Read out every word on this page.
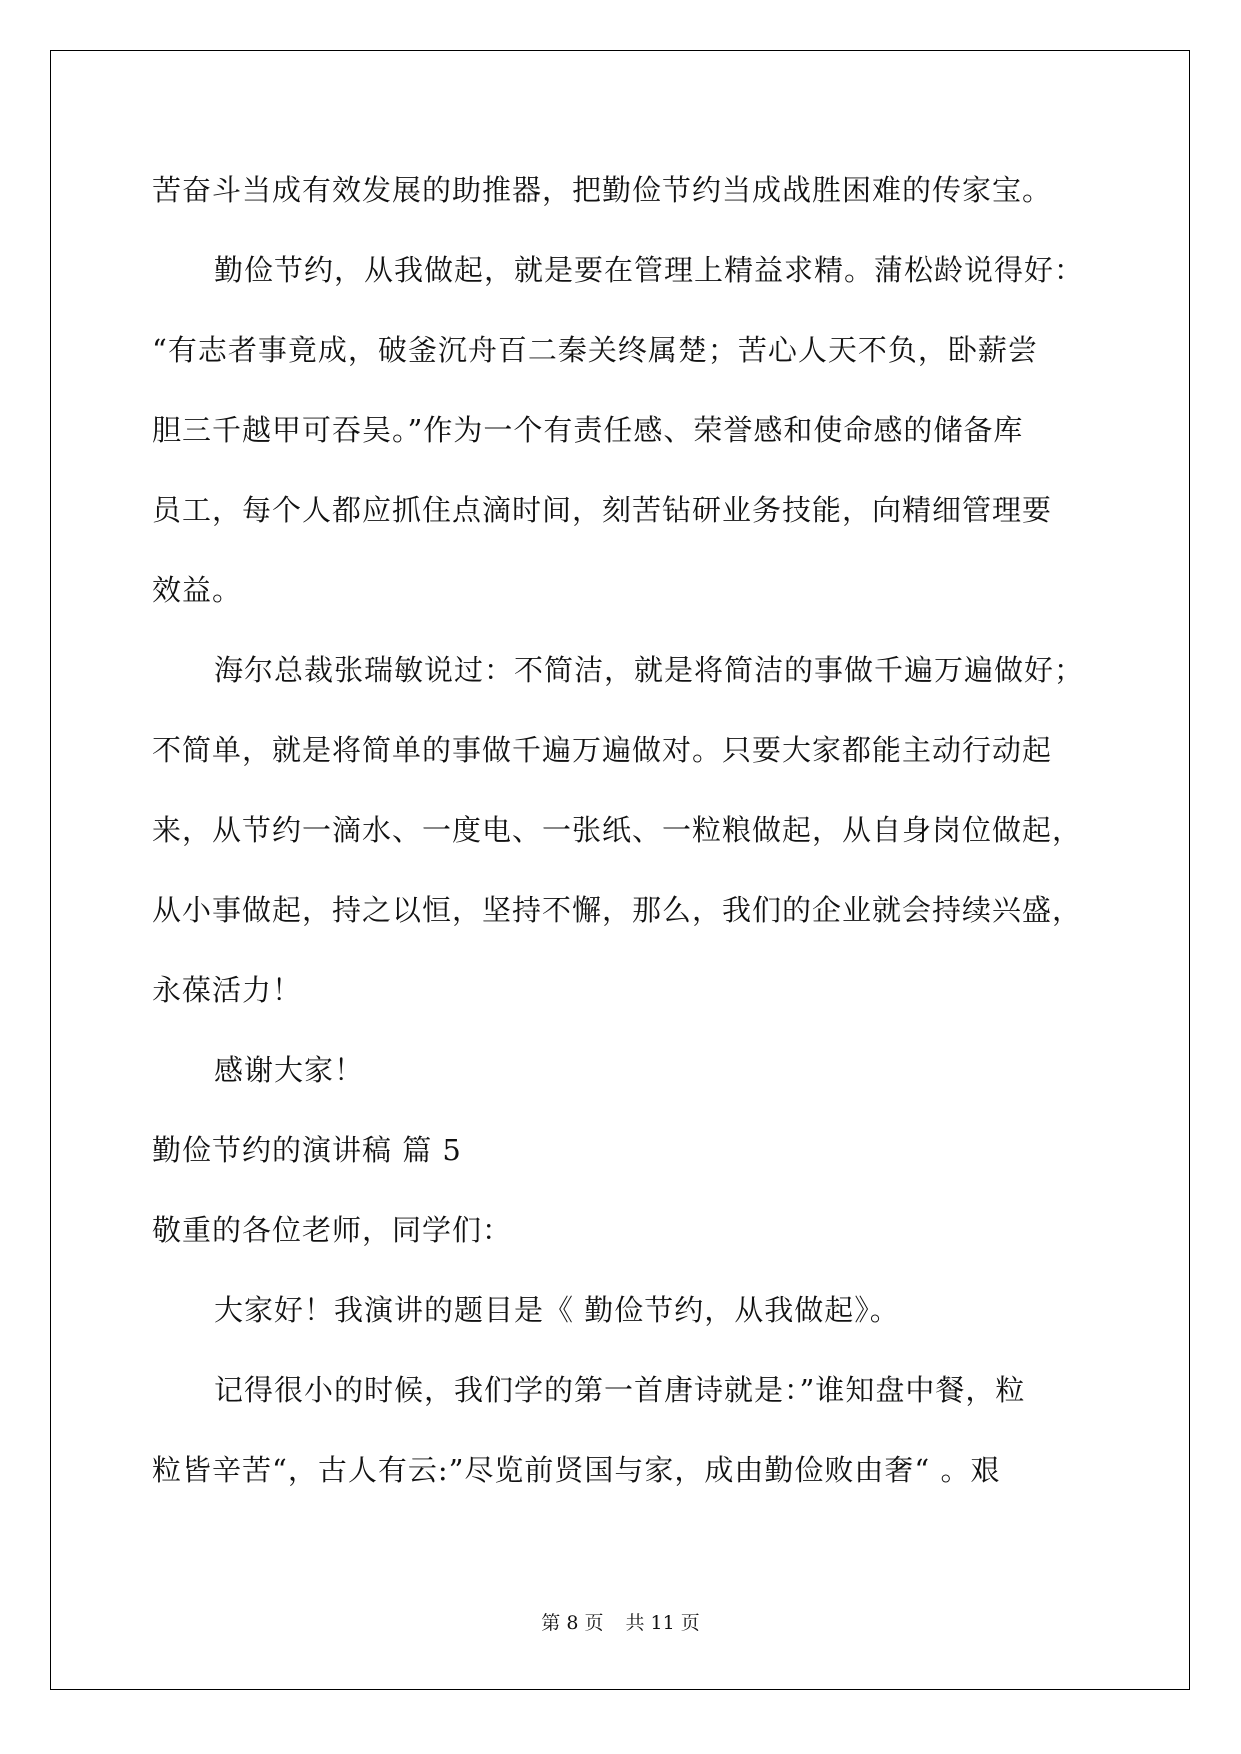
苦奋斗当成有效发展的助推器，把勤俭节约当成战胜困难的传家宝。
勤俭节约，从我做起，就是要在管理上精益求精。蒲松龄说得好：
“有志者事竟成，破釜沉舟百二秦关终属楚；苦心人天不负，卧薪尝
胆三千越甲可吞吴。”作为一个有责任感、荣誉感和使命感的储备库
员工，每个人都应抓住点滴时间，刻苦钻研业务技能，向精细管理要
效益。
海尔总裁张瑞敏说过：不简洁，就是将简洁的事做千遍万遍做好；
不简单，就是将简单的事做千遍万遍做对。只要大家都能主动行动起
来，从节约一滴水、一度电、一张纸、一粒粮做起，从自身岗位做起，
从小事做起，持之以恒，坚持不懈，那么，我们的企业就会持续兴盛，
永葆活力！
感谢大家！
勤俭节约的演讲稿 篇 5
敬重的各位老师，同学们：
大家好！我演讲的题目是《 勤俭节约，从我做起》。
记得很小的时候，我们学的第一首唐诗就是：”谁知盘中餐，粒
粒皆辛苦“，古人有云:”尽览前贤国与家，成由勤俭败由奢“ 。艰
第 8 页 共 11 页
